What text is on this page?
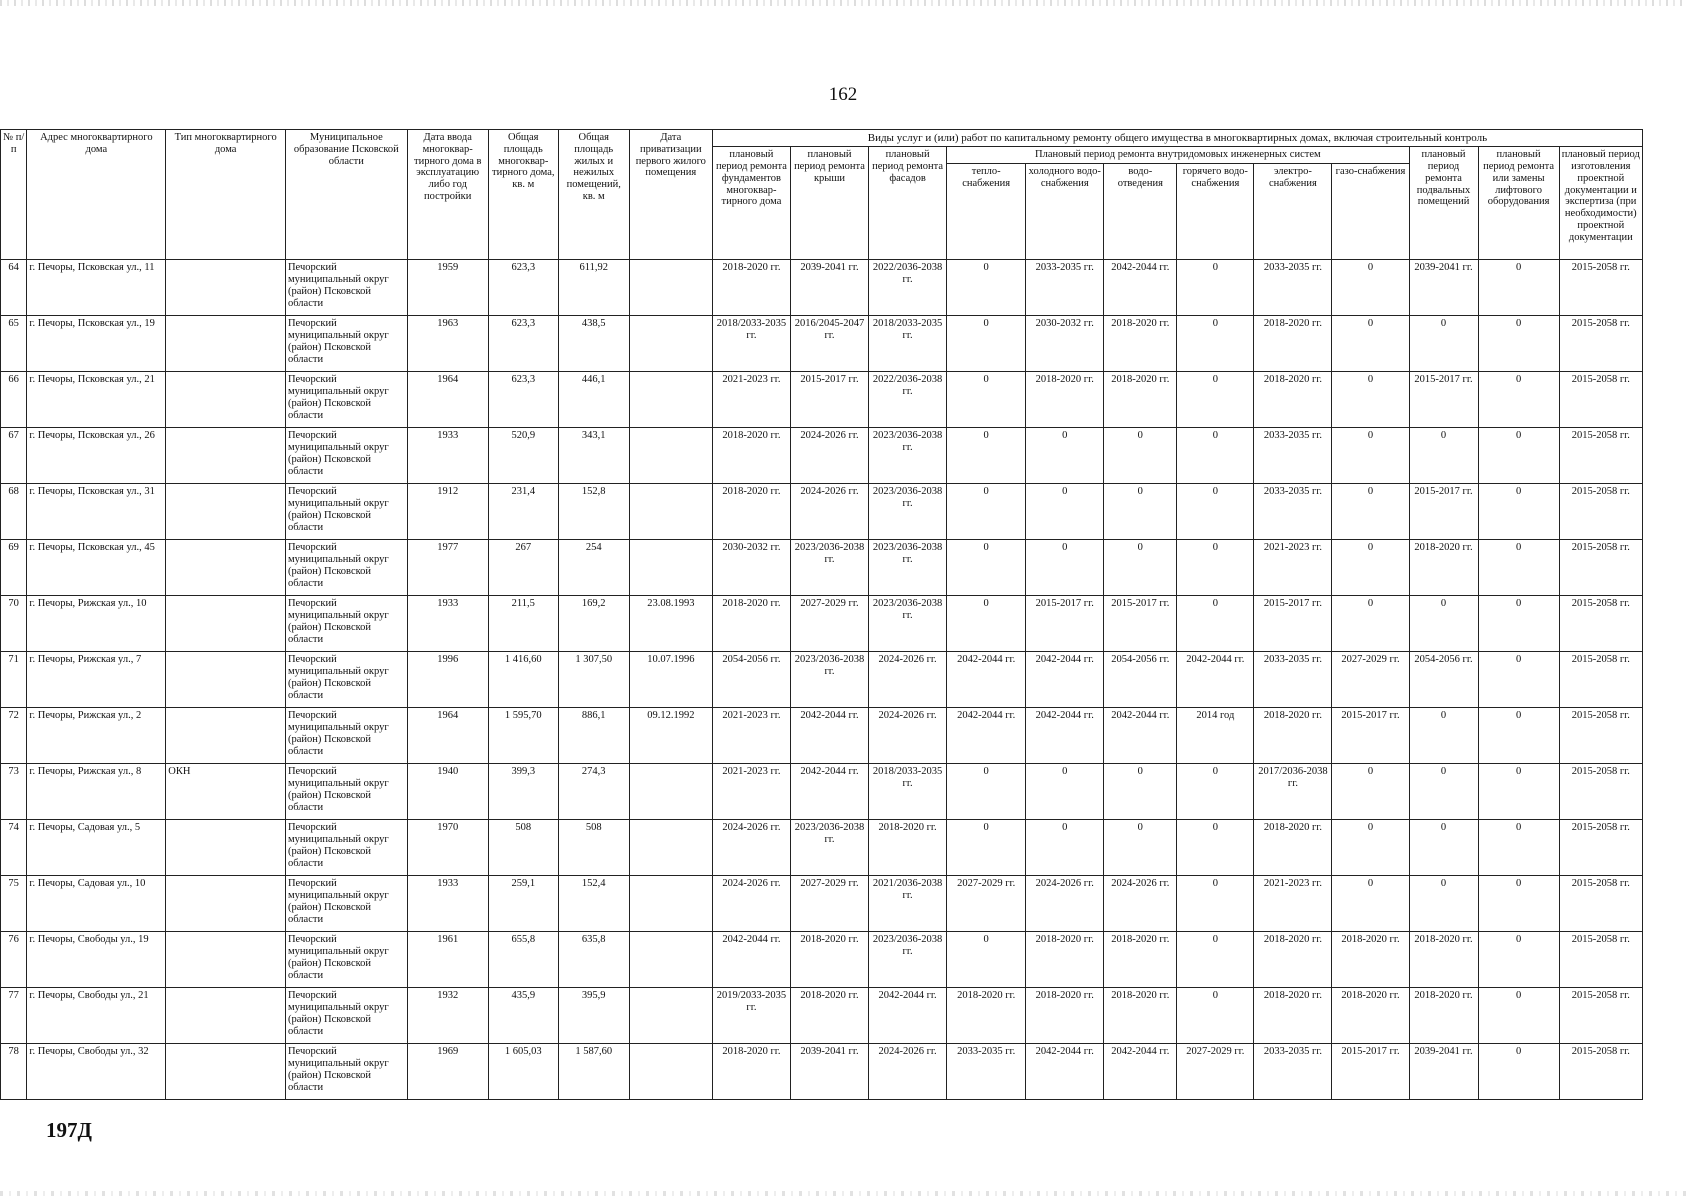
162
№ п/п	Адрес многоквартирного дома	Тип многоквартирного дома	Муниципальное образование Псковской области	Дата ввода многоквар-тирного дома в эксплуатацию либо год постройки	Общая площадь многоквар-тирного дома, кв. м	Общая площадь жилых и нежилых помещений, кв. м	Дата приватизации первого жилого помещения	Виды услуг и (или) работ по капитальному ремонту общего имущества в многоквартирных домах, включая строительный контроль											
								плановый период ремонта фундаментов многоквар-тирного дома	плановый период ремонта крыши	плановый период ремонта фасадов	Плановый период ремонта внутридомовых инженерных систем						плановый период ремонта подвальных помещений	плановый период ремонта или замены лифтового оборудования	плановый период изготовления проектной документации и экспертиза (при необходимости) проектной документации
											тепло-снабжения	холодного водо-снабжения	водо-отведения	горячего водо-снабжения	электро-снабжения	газо-снабжения			
64	г. Печоры, Псковская ул., 11		Печорский муниципальный округ (район) Псковской области	1959	623,3	611,92		2018-2020 гг.	2039-2041 гг.	2022/2036-2038 гг.	0	2033-2035 гг.	2042-2044 гг.	0	2033-2035 гг.	0	2039-2041 гг.	0	2015-2058 гг.
65	г. Печоры, Псковская ул., 19		Печорский муниципальный округ (район) Псковской области	1963	623,3	438,5		2018/2033-2035 гг.	2016/2045-2047 гг.	2018/2033-2035 гг.	0	2030-2032 гг.	2018-2020 гг.	0	2018-2020 гг.	0	0	0	2015-2058 гг.
66	г. Печоры, Псковская ул., 21		Печорский муниципальный округ (район) Псковской области	1964	623,3	446,1		2021-2023 гг.	2015-2017 гг.	2022/2036-2038 гг.	0	2018-2020 гг.	2018-2020 гг.	0	2018-2020 гг.	0	2015-2017 гг.	0	2015-2058 гг.
67	г. Печоры, Псковская ул., 26		Печорский муниципальный округ (район) Псковской области	1933	520,9	343,1		2018-2020 гг.	2024-2026 гг.	2023/2036-2038 гг.	0	0	0	0	2033-2035 гг.	0	0	0	2015-2058 гг.
68	г. Печоры, Псковская ул., 31		Печорский муниципальный округ (район) Псковской области	1912	231,4	152,8		2018-2020 гг.	2024-2026 гг.	2023/2036-2038 гг.	0	0	0	0	2033-2035 гг.	0	2015-2017 гг.	0	2015-2058 гг.
69	г. Печоры, Псковская ул., 45		Печорский муниципальный округ (район) Псковской области	1977	267	254		2030-2032 гг.	2023/2036-2038 гг.	2023/2036-2038 гг.	0	0	0	0	2021-2023 гг.	0	2018-2020 гг.	0	2015-2058 гг.
70	г. Печоры, Рижская ул., 10		Печорский муниципальный округ (район) Псковской области	1933	211,5	169,2	23.08.1993	2018-2020 гг.	2027-2029 гг.	2023/2036-2038 гг.	0	2015-2017 гг.	2015-2017 гг.	0	2015-2017 гг.	0	0	0	2015-2058 гг.
71	г. Печоры, Рижская ул., 7		Печорский муниципальный округ (район) Псковской области	1996	1 416,60	1 307,50	10.07.1996	2054-2056 гг.	2023/2036-2038 гг.	2024-2026 гг.	2042-2044 гг.	2042-2044 гг.	2054-2056 гг.	2042-2044 гг.	2033-2035 гг.	2027-2029 гг.	2054-2056 гг.	0	2015-2058 гг.
72	г. Печоры, Рижская ул., 2		Печорский муниципальный округ (район) Псковской области	1964	1 595,70	886,1	09.12.1992	2021-2023 гг.	2042-2044 гг.	2024-2026 гг.	2042-2044 гг.	2042-2044 гг.	2042-2044 гг.	2014 год	2018-2020 гг.	2015-2017 гг.	0	0	2015-2058 гг.
73	г. Печоры, Рижская ул., 8	ОКН	Печорский муниципальный округ (район) Псковской области	1940	399,3	274,3		2021-2023 гг.	2042-2044 гг.	2018/2033-2035 гг.	0	0	0	0	2017/2036-2038 гг.	0	0	0	2015-2058 гг.
74	г. Печоры, Садовая ул., 5		Печорский муниципальный округ (район) Псковской области	1970	508	508		2024-2026 гг.	2023/2036-2038 гг.	2018-2020 гг.	0	0	0	0	2018-2020 гг.	0	0	0	2015-2058 гг.
75	г. Печоры, Садовая ул., 10		Печорский муниципальный округ (район) Псковской области	1933	259,1	152,4		2024-2026 гг.	2027-2029 гг.	2021/2036-2038 гг.	2027-2029 гг.	2024-2026 гг.	2024-2026 гг.	0	2021-2023 гг.	0	0	0	2015-2058 гг.
76	г. Печоры, Свободы ул., 19		Печорский муниципальный округ (район) Псковской области	1961	655,8	635,8		2042-2044 гг.	2018-2020 гг.	2023/2036-2038 гг.	0	2018-2020 гг.	2018-2020 гг.	0	2018-2020 гг.	2018-2020 гг.	2018-2020 гг.	0	2015-2058 гг.
77	г. Печоры, Свободы ул., 21		Печорский муниципальный округ (район) Псковской области	1932	435,9	395,9		2019/2033-2035 гг.	2018-2020 гг.	2042-2044 гг.	2018-2020 гг.	2018-2020 гг.	2018-2020 гг.	0	2018-2020 гг.	2018-2020 гг.	2018-2020 гг.	0	2015-2058 гг.
78	г. Печоры, Свободы ул., 32		Печорский муниципальный округ (район) Псковской области	1969	1 605,03	1 587,60		2018-2020 гг.	2039-2041 гг.	2024-2026 гг.	2033-2035 гг.	2042-2044 гг.	2042-2044 гг.	2027-2029 гг.	2033-2035 гг.	2015-2017 гг.	2039-2041 гг.	0	2015-2058 гг.
197Д
